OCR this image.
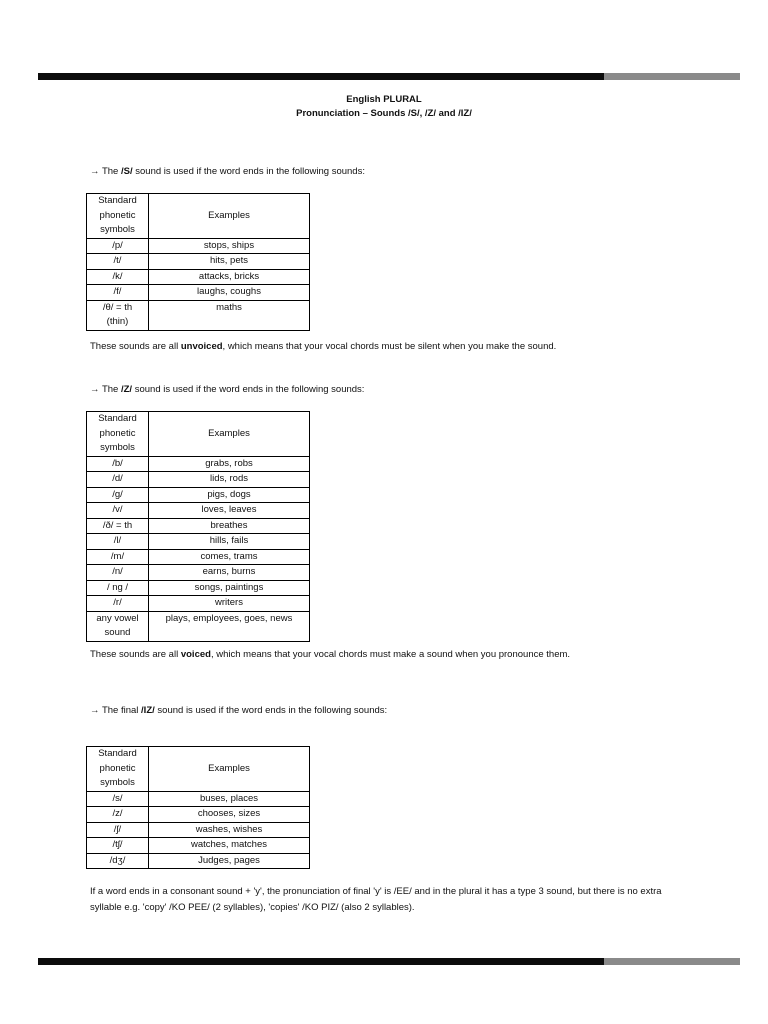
English PLURAL
Pronunciation – Sounds /S/, /Z/ and /IZ/
→ The /S/ sound is used if the word ends in the following sounds:
Standard
phonetic
symbols	Examples
/p/	stops, ships
/t/	hits, pets
/k/	attacks, bricks
/f/	laughs, coughs
/θ/ = th
(thin)	maths
These sounds are all unvoiced, which means that your vocal chords must be silent when you make the sound.
→ The /Z/ sound is used if the word ends in the following sounds:
Standard
phonetic
symbols	Examples
/b/	grabs, robs
/d/	lids, rods
/g/	pigs, dogs
/v/	loves, leaves
/ð/ = th	breathes
/l/	hills, fails
/m/	comes, trams
/n/	earns, burns
/ ng /	songs, paintings
/r/	writers
any vowel
sound	plays, employees, goes, news
These sounds are all voiced, which means that your vocal chords must make a sound when you pronounce them.
→ The final /IZ/ sound is used if the word ends in the following sounds:
Standard
phonetic
symbols	Examples
/s/	buses, places
/z/	chooses, sizes
/ʃ/	washes, wishes
/tʃ/	watches, matches
/dʒ/	Judges, pages
If a word ends in a consonant sound + 'y', the pronunciation of final 'y' is /EE/ and in the plural it has a type 3 sound, but there is no extra syllable e.g. 'copy' /KO PEE/ (2 syllables), 'copies' /KO PIZ/ (also 2 syllables).
